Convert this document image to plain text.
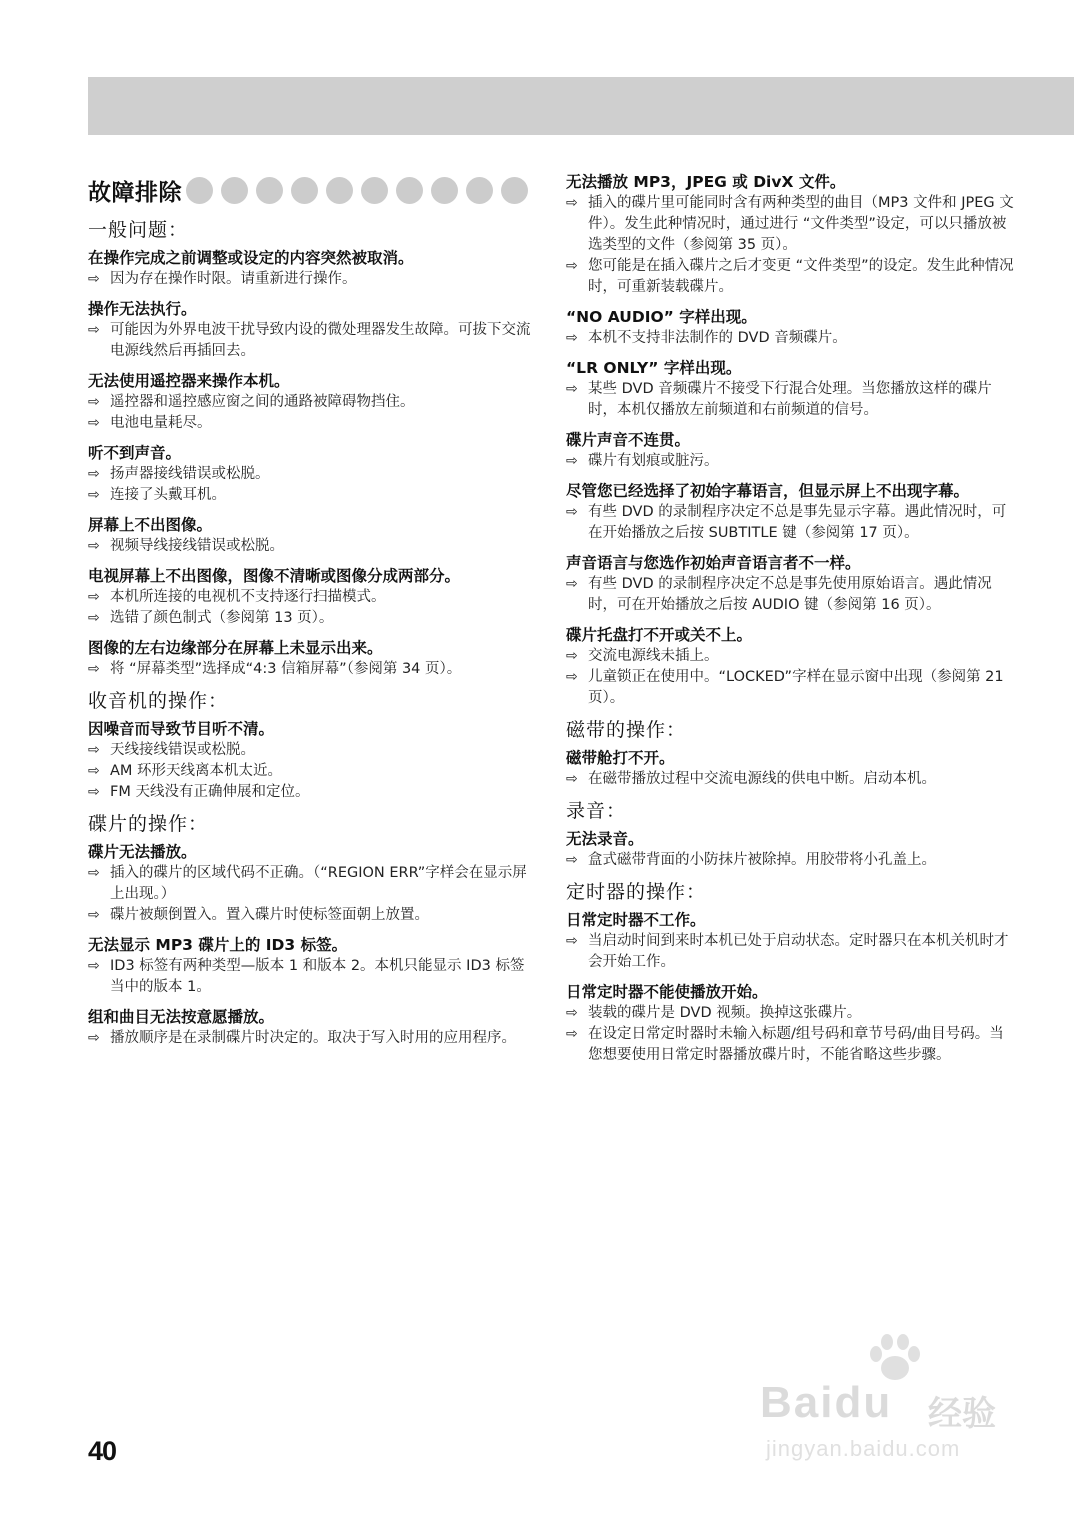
故障排除
一般问题：
在操作完成之前调整或设定的内容突然被取消。
⇨ 因为存在操作时限。请重新进行操作。
操作无法执行。
⇨ 可能因为外界电波干扰导致内设的微处理器发生故障。可拔下交流电源线然后再插回去。
无法使用遥控器来操作本机。
⇨ 遥控器和遥控感应窗之间的通路被障碍物挡住。
⇨ 电池电量耗尽。
听不到声音。
⇨ 扬声器接线错误或松脱。
⇨ 连接了头戴耳机。
屏幕上不出图像。
⇨ 视频导线接线错误或松脱。
电视屏幕上不出图像，图像不清晰或图像分成两部分。
⇨ 本机所连接的电视机不支持逐行扫描模式。
⇨ 选错了颜色制式（参阅第 13 页）。
图像的左右边缘部分在屏幕上未显示出来。
⇨ 将 “屏幕类型”选择成“4:3 信箱屏幕”（参阅第 34 页）。
收音机的操作：
因噪音而导致节目听不清。
⇨ 天线接线错误或松脱。
⇨ AM 环形天线离本机太近。
⇨ FM 天线没有正确伸展和定位。
碟片的操作：
碟片无法播放。
⇨ 插入的碟片的区域代码不正确。（“REGION ERR”字样会在显示屏上出现。）
⇨ 碟片被颠倒置入。置入碟片时使标签面朝上放置。
无法显示 MP3 碟片上的 ID3 标签。
⇨ ID3 标签有两种类型—版本 1 和版本 2。本机只能显示 ID3 标签当中的版本 1。
组和曲目无法按意愿播放。
⇨ 播放顺序是在录制碟片时决定的。取决于写入时用的应用程序。
无法播放 MP3，JPEG 或 DivX 文件。
⇨ 插入的碟片里可能同时含有两种类型的曲目（MP3 文件和 JPEG 文件）。发生此种情况时，通过进行 “文件类型”设定，可以只播放被选类型的文件（参阅第 35 页）。
⇨ 您可能是在插入碟片之后才变更 “文件类型”的设定。发生此种情况时，可重新装载碟片。
“NO AUDIO” 字样出现。
⇨ 本机不支持非法制作的 DVD 音频碟片。
“LR ONLY” 字样出现。
⇨ 某些 DVD 音频碟片不接受下行混合处理。当您播放这样的碟片时，本机仅播放左前频道和右前频道的信号。
碟片声音不连贯。
⇨ 碟片有划痕或脏污。
尽管您已经选择了初始字幕语言，但显示屏上不出现字幕。
⇨ 有些 DVD 的录制程序决定不总是事先显示字幕。遇此情况时，可在开始播放之后按 SUBTITLE 键（参阅第 17 页）。
声音语言与您选作初始声音语言者不一样。
⇨ 有些 DVD 的录制程序决定不总是事先使用原始语言。遇此情况时，可在开始播放之后按 AUDIO 键（参阅第 16 页）。
碟片托盘打不开或关不上。
⇨ 交流电源线未插上。
⇨ 儿童锁正在使用中。“LOCKED”字样在显示窗中出现（参阅第 21 页）。
磁带的操作：
磁带舱打不开。
⇨ 在磁带播放过程中交流电源线的供电中断。启动本机。
录音：
无法录音。
⇨ 盒式磁带背面的小防抹片被除掉。用胶带将小孔盖上。
定时器的操作：
日常定时器不工作。
⇨ 当启动时间到来时本机已处于启动状态。定时器只在本机关机时才会开始工作。
日常定时器不能使播放开始。
⇨ 装载的碟片是 DVD 视频。换掉这张碟片。
⇨ 在设定日常定时器时未输入标题/组号码和章节号码/曲目号码。当您想要使用日常定时器播放碟片时，不能省略这些步骤。
40
Baidu 经验
jingyan.baidu.com
